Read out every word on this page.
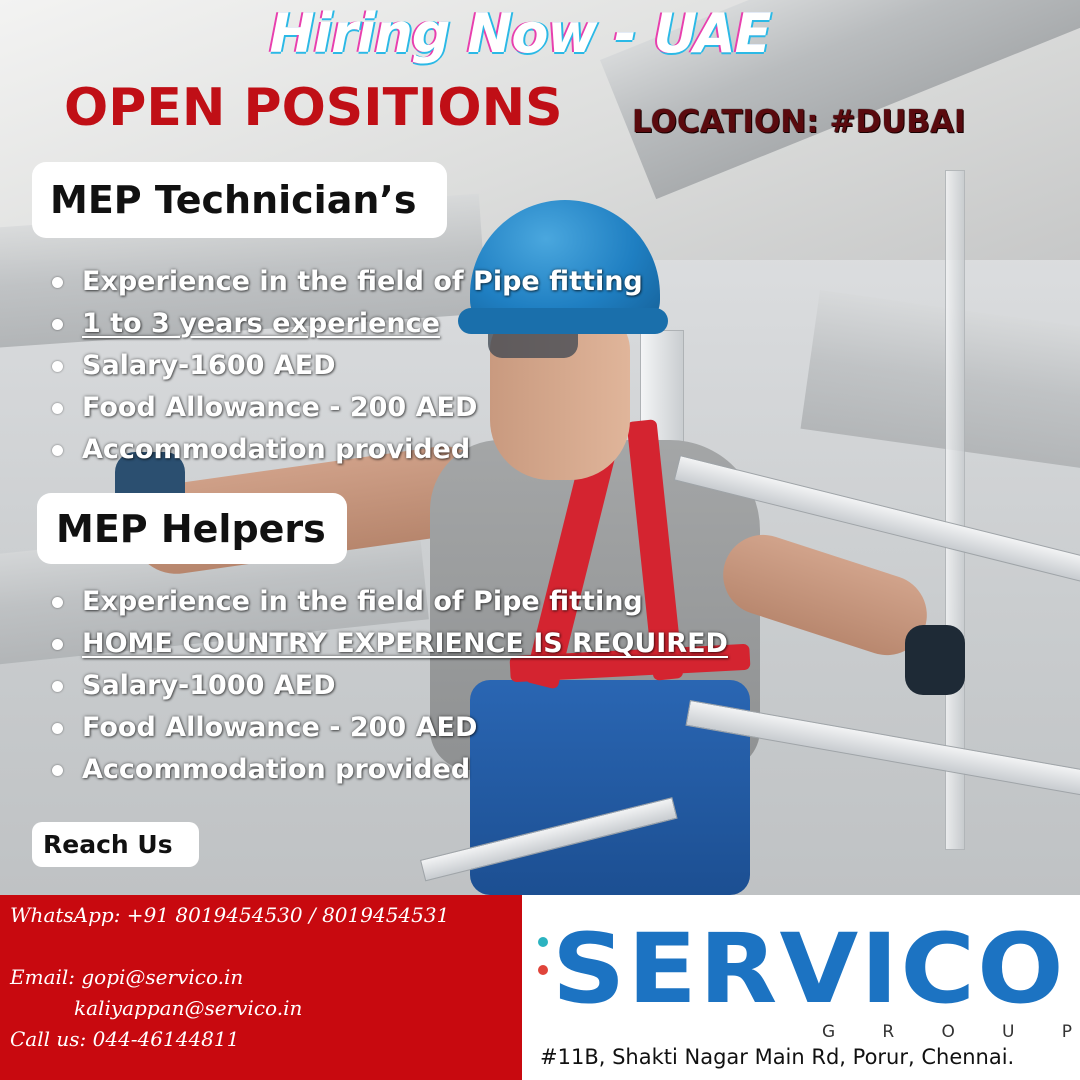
Hiring Now - UAE
OPEN POSITIONS LOCATION: #DUBAI
MEP Technician’s
Experience in the field of Pipe fitting
1 to 3 years experience
Salary-1600 AED
Food Allowance - 200 AED
Accommodation provided
MEP Helpers
Experience in the field of Pipe fitting
HOME COUNTRY EXPERIENCE IS REQUIRED
Salary-1000 AED
Food Allowance - 200 AED
Accommodation provided
Reach Us
WhatsApp: +91 8019454530 / 8019454531
Email: gopi@servico.in
kaliyappan@servico.in
Call us: 044-46144811
SERVICO
G	R	O	U	P
#11B, Shakti Nagar Main Rd, Porur, Chennai.
